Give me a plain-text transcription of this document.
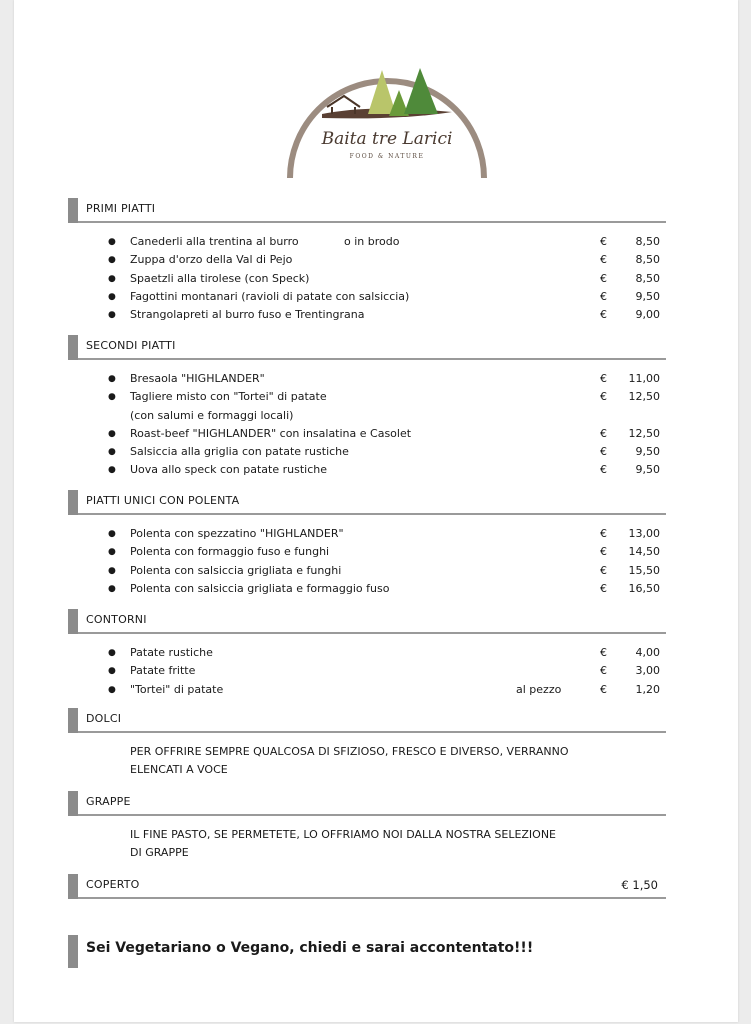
Baita tre Larici
FOOD & NATURE
PRIMI PIATTI
● Canederli alla trentina al burro	o in brodo	€	8,50
● Zuppa d'orzo della Val di Pejo	€	8,50
● Spaetzli alla tirolese (con Speck)	€	8,50
● Fagottini montanari (ravioli di patate con salsiccia)	€	9,50
● Strangolapreti al burro fuso e Trentingrana	€	9,00
SECONDI PIATTI
● Bresaola "HIGHLANDER"	€ 11,00
● Tagliere misto con "Tortei" di patate	€ 12,50
(con salumi e formaggi locali)
● Roast-beef "HIGHLANDER" con insalatina e Casolet	€ 12,50
● Salsiccia alla griglia con patate rustiche	€	9,50
● Uova allo speck con patate rustiche	€	9,50
PIATTI UNICI CON POLENTA
● Polenta con spezzatino "HIGHLANDER"	€ 13,00
● Polenta con formaggio fuso e funghi	€ 14,50
● Polenta con salsiccia grigliata e funghi	€ 15,50
● Polenta con salsiccia grigliata e formaggio fuso	€ 16,50
CONTORNI
● Patate rustiche	€	4,00
● Patate fritte	€	3,00
● "Tortei" di patate	al pezzo	€	1,20
DOLCI
PER OFFRIRE SEMPRE QUALCOSA DI SFIZIOSO, FRESCO E DIVERSO, VERRANNO ELENCATI A VOCE
GRAPPE
IL FINE PASTO, SE PERMETETE, LO OFFRIAMO NOI DALLA NOSTRA SELEZIONE DI GRAPPE
COPERTO	€ 1,50
Sei Vegetariano o Vegano, chiedi e sarai accontentato!!!
